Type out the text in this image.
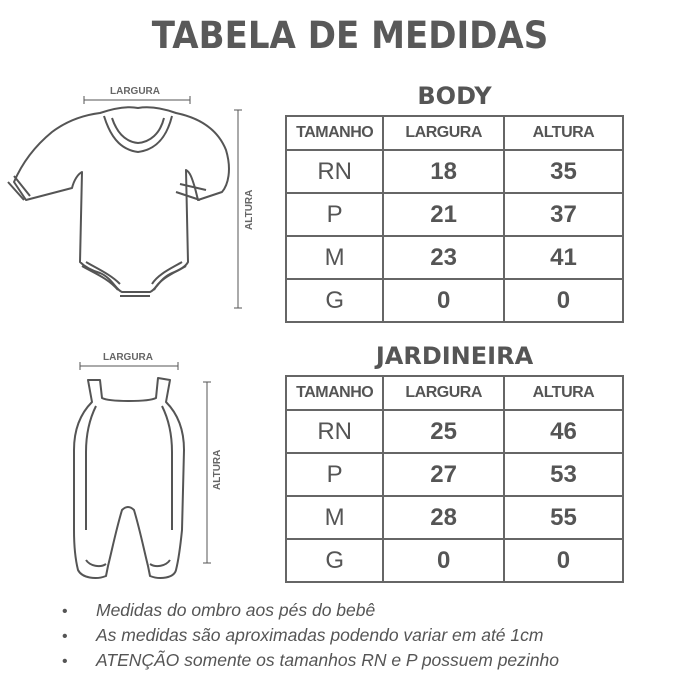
TABELA DE MEDIDAS
LARGURA
ALTURA
LARGURA
ALTURA
BODY
TAMANHO	LARGURA	ALTURA
RN	18	35
P	21	37
M	23	41
G	0	0
JARDINEIRA
TAMANHO	LARGURA	ALTURA
RN	25	46
P	27	53
M	28	55
G	0	0
• Medidas do ombro aos pés do bebê
• As medidas são aproximadas podendo variar em até 1cm
• ATENÇÃO somente os tamanhos RN e P possuem pezinho
